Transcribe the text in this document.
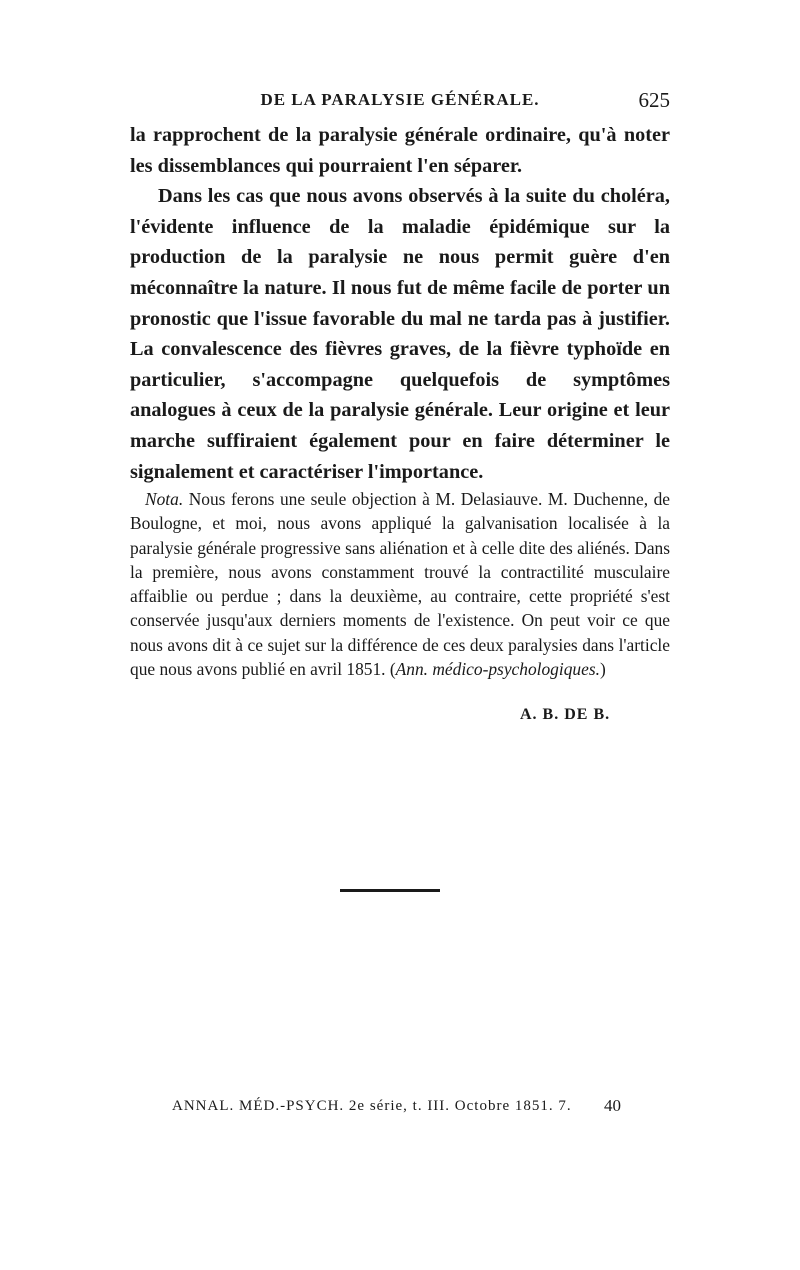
DE LA PARALYSIE GÉNÉRALE.	625

la rapprochent de la paralysie générale ordinaire, qu'à noter les dissemblances qui pourraient l'en séparer.

Dans les cas que nous avons observés à la suite du choléra, l'évidente influence de la maladie épidémique sur la production de la paralysie ne nous permit guère d'en méconnaître la nature. Il nous fut de même facile de porter un pronostic que l'issue favorable du mal ne tarda pas à justifier. La convalescence des fièvres graves, de la fièvre typhoïde en particulier, s'accompagne quelquefois de symptômes analogues à ceux de la paralysie générale. Leur origine et leur marche suffiraient également pour en faire déterminer le signalement et caractériser l'importance.

Nota. Nous ferons une seule objection à M. Delasiauve. M. Duchenne, de Boulogne, et moi, nous avons appliqué la galvanisation localisée à la paralysie générale progressive sans aliénation et à celle dite des aliénés. Dans la première, nous avons constamment trouvé la contractilité musculaire affaiblie ou perdue ; dans la deuxième, au contraire, cette propriété s'est conservée jusqu'aux derniers moments de l'existence. On peut voir ce que nous avons dit à ce sujet sur la différence de ces deux paralysies dans l'article que nous avons publié en avril 1851. (Ann. médico-psychologiques.)

A. B. DE B.
ANNAL. MÉD.-PSYCH. 2e série, t. III. Octobre 1851. 7. 40
